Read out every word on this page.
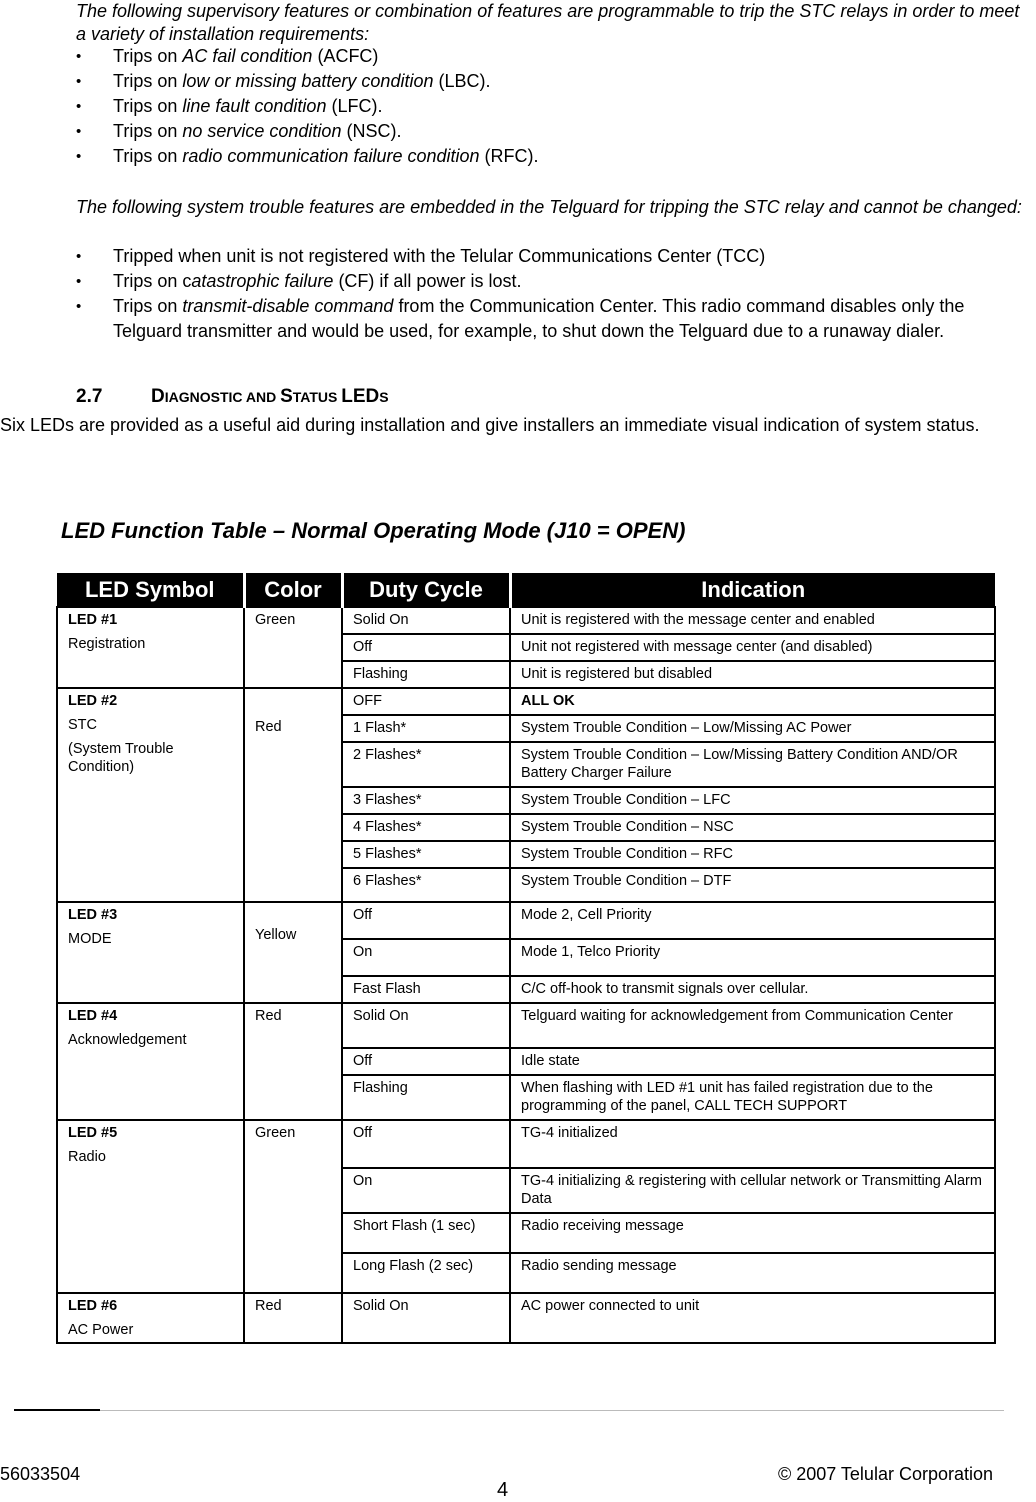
The following supervisory features or combination of features are programmable to trip the STC relays in order to meet a variety of installation requirements:
• Trips on AC fail condition (ACFC)
• Trips on low or missing battery condition (LBC).
• Trips on line fault condition (LFC).
• Trips on no service condition (NSC).
• Trips on radio communication failure condition (RFC).
The following system trouble features are embedded in the Telguard for tripping the STC relay and cannot be changed:
• Tripped when unit is not registered with the Telular Communications Center (TCC)
• Trips on catastrophic failure (CF) if all power is lost.
• Trips on transmit-disable command from the Communication Center. This radio command disables only the Telguard transmitter and would be used, for example, to shut down the Telguard due to a runaway dialer.
2.7	DIAGNOSTIC AND STATUS LEDS
Six LEDs are provided as a useful aid during installation and give installers an immediate visual indication of system status.
LED Function Table – Normal Operating Mode (J10 = OPEN)
LED Symbol	Color	Duty Cycle	Indication
LED #1
Registration	Green	Solid On	Unit is registered with the message center and enabled
		Off	Unit not registered with message center (and disabled)
		Flashing	Unit is registered but disabled
LED #2
STC
(System Trouble Condition)	Red	OFF	ALL OK
		1 Flash*	System Trouble Condition – Low/Missing AC Power
		2 Flashes*	System Trouble Condition – Low/Missing Battery Condition AND/OR Battery Charger Failure
		3 Flashes*	System Trouble Condition – LFC
		4 Flashes*	System Trouble Condition – NSC
		5 Flashes*	System Trouble Condition – RFC
		6 Flashes*	System Trouble Condition – DTF
LED #3
MODE	Yellow	Off	Mode 2, Cell Priority
		On	Mode 1, Telco Priority
		Fast Flash	C/C off-hook to transmit signals over cellular.
LED #4
Acknowledgement	Red	Solid On	Telguard waiting for acknowledgement from Communication Center
		Off	Idle state
		Flashing	When flashing with LED #1 unit has failed registration due to the programming of the panel, CALL TECH SUPPORT
LED #5
Radio	Green	Off	TG-4 initialized
		On	TG-4 initializing & registering with cellular network or Transmitting Alarm Data
		Short Flash (1 sec)	Radio receiving message
		Long Flash (2 sec)	Radio sending message
LED #6
AC Power	Red	Solid On	AC power connected to unit
56033504
4
© 2007 Telular Corporation
